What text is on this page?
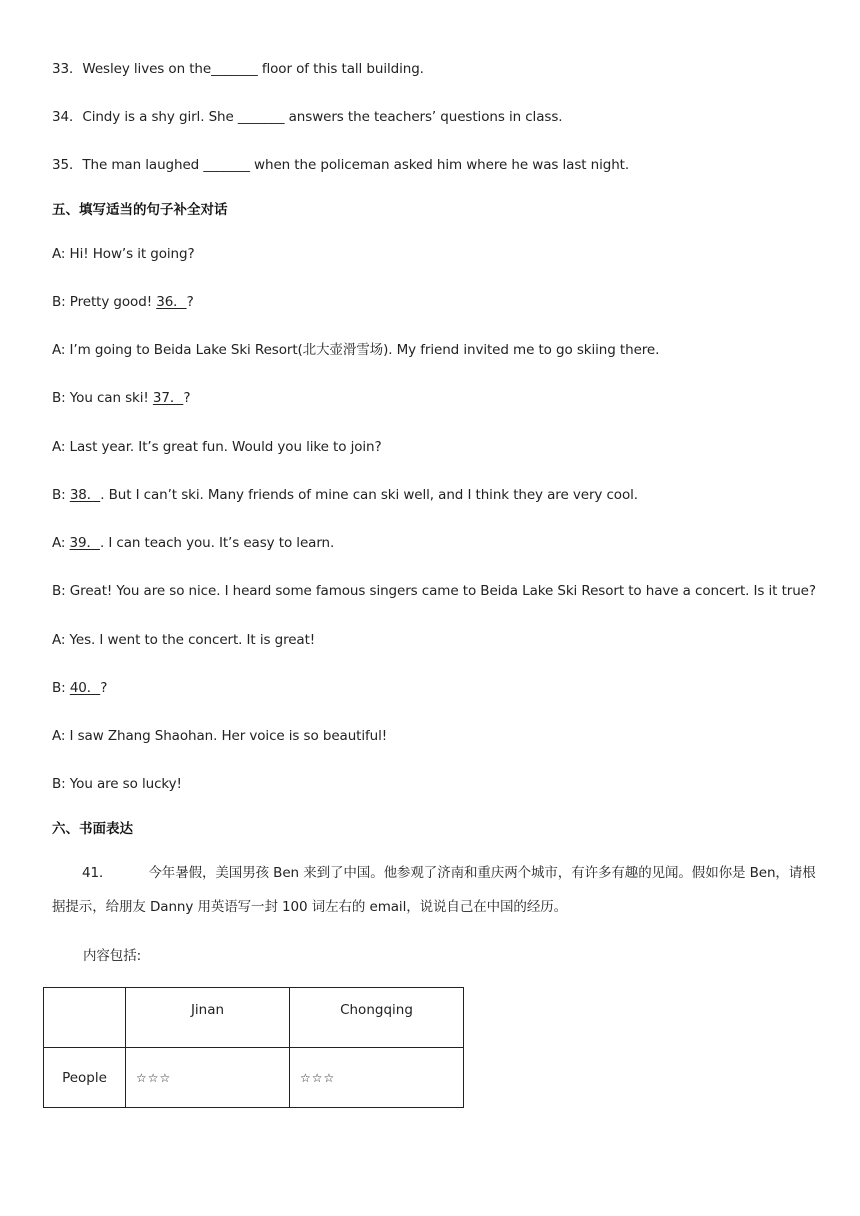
33．Wesley lives on the_______ floor of this tall building.
34．Cindy is a shy girl. She _______ answers the teachers’ questions in class.
35．The man laughed _______ when the policeman asked him where he was last night.
五、填写适当的句子补全对话
A: Hi! How’s it going?
B: Pretty good! 36．?
A: I’m going to Beida Lake Ski Resort(北大壶滑雪场). My friend invited me to go skiing there.
B: You can ski! 37．?
A: Last year. It’s great fun. Would you like to join?
B: 38．. But I can’t ski. Many friends of mine can ski well, and I think they are very cool.
A: 39．. I can teach you. It’s easy to learn.
B: Great! You are so nice. I heard some famous singers came to Beida Lake Ski Resort to have a concert. Is it true?
A: Yes. I went to the concert. It is great!
B: 40．?
A: I saw Zhang Shaohan. Her voice is so beautiful!
B: You are so lucky!
六、书面表达
41．	今年暑假，美国男孩 Ben 来到了中国。他参观了济南和重庆两个城市，有许多有趣的见闻。假如你是 Ben，请根据提示，给朋友 Danny 用英语写一封 100 词左右的 email，说说自己在中国的经历。
内容包括:
	Jinan	Chongqing
People	☆☆☆	☆☆☆
